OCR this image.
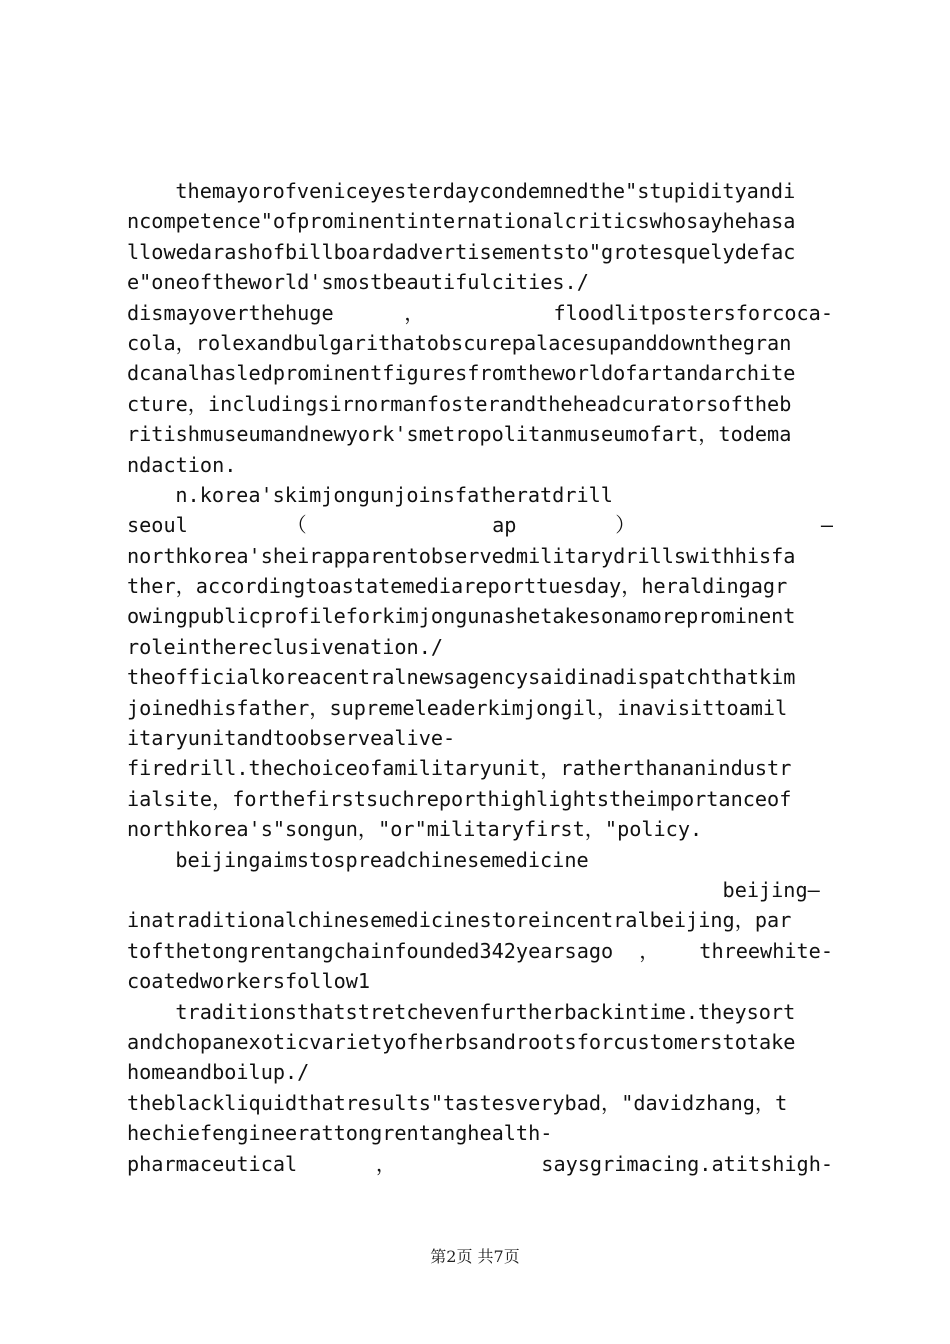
themayorofveniceyesterdaycondemnedthe"stupidityandi
ncompetence"ofprominentinternationalcriticswhosayhehasa
llowedarashofbillboardadvertisementsto"grotesquelydefac
e"oneoftheworld'smostbeautifulcities./
dismayoverthehuge ， floodlitpostersforcoca-
cola，rolexandbulgarithatobscurepalacesupanddownthegran
dcanalhasledprominentfiguresfromtheworldofartandarchite
cture，includingsirnormanfosterandtheheadcuratorsoftheb
ritishmuseumandnewyork'smetropolitanmuseumofart，todema
ndaction.
n.korea'skimjongunjoinsfatheratdrill
seoul （ ap ） —
northkorea'sheirapparentobservedmilitarydrillswithhisfa
ther，accordingtoastatemediareporttuesday，heraldingagr
owingpublicprofileforkimjongunashetakesonamoreprominent
roleinthereclusivenation./
theofficialkoreacentralnewsagencysaidinadispatchthatkim
joinedhisfather，supremeleaderkimjongil，inavisittoamil
itaryunitandtoobservealive-
firedrill.thechoiceofamilitaryunit，ratherthananindustr
ialsite，forthefirstsuchreporthighlightstheimportanceof
northkorea's"songun，"or"militaryfirst，"policy.
beijingaimstospreadchinesemedicine
beijing—
inatraditionalchinesemedicinestoreincentralbeijing，par
tofthetongrentangchainfounded342yearsago ， threewhite-
coatedworkersfollow1
traditionsthatstretchevenfurtherbackintime.theysort
andchopanexoticvarietyofherbsandrootsforcustomerstotake
homeandboilup./
theblackliquidthatresults"tastesverybad，"davidzhang，t
hechiefengineerattongrentanghealth-
pharmaceutical ， saysgrimacing.atitshigh-
第2页 共7页
